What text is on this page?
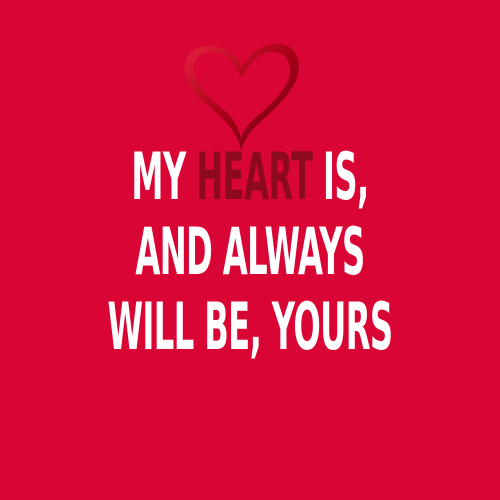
MY HEART IS,
AND ALWAYS
WILL BE, YOURS
